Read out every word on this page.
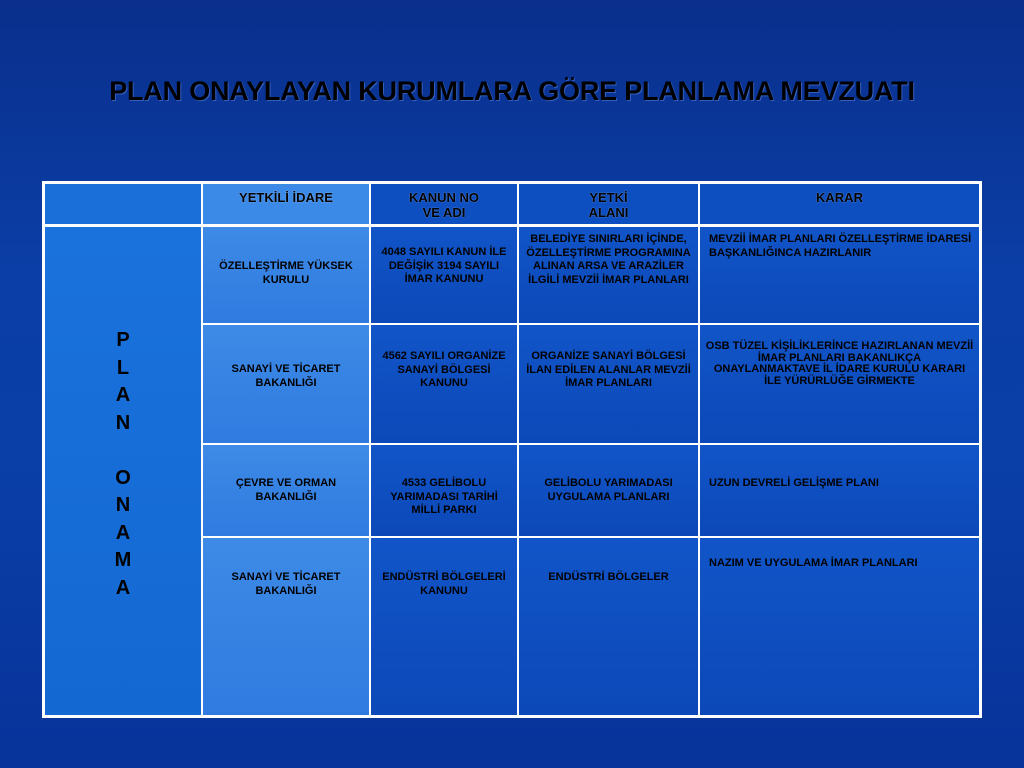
PLAN ONAYLAYAN KURUMLARA GÖRE PLANLAMA MEVZUATI
P
L
A
N
O
N
A
M
A
YETKİLİ İDARE	KANUN NO
VE ADI
YETKİ
ALANI
KARAR
ÖZELLEŞTİRME YÜKSEK KURULU
4048 SAYILI KANUN İLE DEĞİŞİK 3194 SAYILI İMAR KANUNU
BELEDİYE SINIRLARI İÇİNDE, ÖZELLEŞTİRME PROGRAMINA ALINAN ARSA VE ARAZİLER İLGİLİ MEVZİİ İMAR PLANLARI
MEVZİİ İMAR PLANLARI ÖZELLEŞTİRME İDARESİ BAŞKANLIĞINCA HAZIRLANIR
SANAYİ VE TİCARET BAKANLIĞI
4562 SAYILI ORGANİZE SANAYİ BÖLGESİ KANUNU
ORGANİZE SANAYİ BÖLGESİ İLAN EDİLEN ALANLAR MEVZİİ İMAR PLANLARI
OSB TÜZEL KİŞİLİKLERİNCE HAZIRLANAN MEVZİİ İMAR PLANLARI BAKANLIKÇA ONAYLANMAKTAVE İL İDARE KURULU KARARI İLE YÜRÜRLÜĞE GİRMEKTE
ÇEVRE VE ORMAN BAKANLIĞI
4533 GELİBOLU YARIMADASI TARİHİ MİLLİ PARKI
GELİBOLU YARIMADASI UYGULAMA PLANLARI
UZUN DEVRELİ GELİŞME PLANI
SANAYİ VE TİCARET BAKANLIĞI
ENDÜSTRİ BÖLGELERİ KANUNU
ENDÜSTRİ BÖLGELER
NAZIM VE UYGULAMA İMAR PLANLARI
